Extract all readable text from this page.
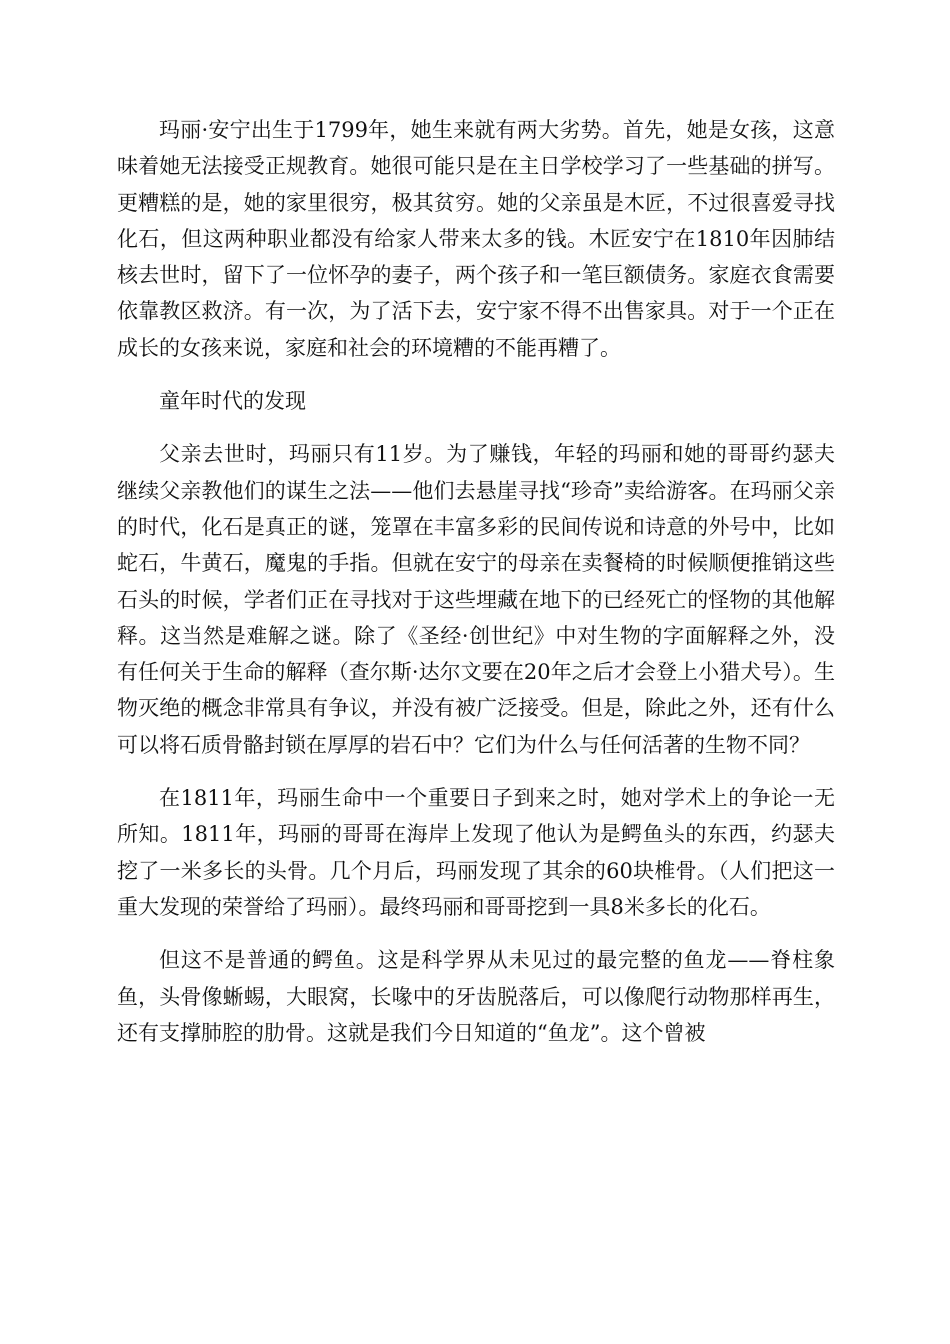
玛丽·安宁出生于1799年，她生来就有两大劣势。首先，她是女孩，这意味着她无法接受正规教育。她很可能只是在主日学校学习了一些基础的拼写。更糟糕的是，她的家里很穷，极其贫穷。她的父亲虽是木匠，不过很喜爱寻找化石，但这两种职业都没有给家人带来太多的钱。木匠安宁在1810年因肺结核去世时，留下了一位怀孕的妻子，两个孩子和一笔巨额债务。家庭衣食需要依靠教区救济。有一次，为了活下去，安宁家不得不出售家具。对于一个正在成长的女孩来说，家庭和社会的环境糟的不能再糟了。

童年时代的发现

父亲去世时，玛丽只有11岁。为了赚钱，年轻的玛丽和她的哥哥约瑟夫继续父亲教他们的谋生之法——他们去悬崖寻找“珍奇”卖给游客。在玛丽父亲的时代，化石是真正的谜，笼罩在丰富多彩的民间传说和诗意的外号中，比如蛇石，牛黄石，魔鬼的手指。但就在安宁的母亲在卖餐椅的时候顺便推销这些石头的时候，学者们正在寻找对于这些埋藏在地下的已经死亡的怪物的其他解释。这当然是难解之谜。除了《圣经·创世纪》中对生物的字面解释之外，没有任何关于生命的解释（查尔斯·达尔文要在20年之后才会登上小猎犬号）。生物灭绝的概念非常具有争议，并没有被广泛接受。但是，除此之外，还有什么可以将石质骨骼封锁在厚厚的岩石中？它们为什么与任何活著的生物不同？

在1811年，玛丽生命中一个重要日子到来之时，她对学术上的争论一无所知。1811年，玛丽的哥哥在海岸上发现了他认为是鳄鱼头的东西，约瑟夫挖了一米多长的头骨。几个月后，玛丽发现了其余的60块椎骨。（人们把这一重大发现的荣誉给了玛丽）。最终玛丽和哥哥挖到一具8米多长的化石。

但这不是普通的鳄鱼。这是科学界从未见过的最完整的鱼龙——脊柱象鱼，头骨像蜥蜴，大眼窝，长喙中的牙齿脱落后，可以像爬行动物那样再生，还有支撑肺腔的肋骨。这就是我们今日知道的“鱼龙”。这个曾被
